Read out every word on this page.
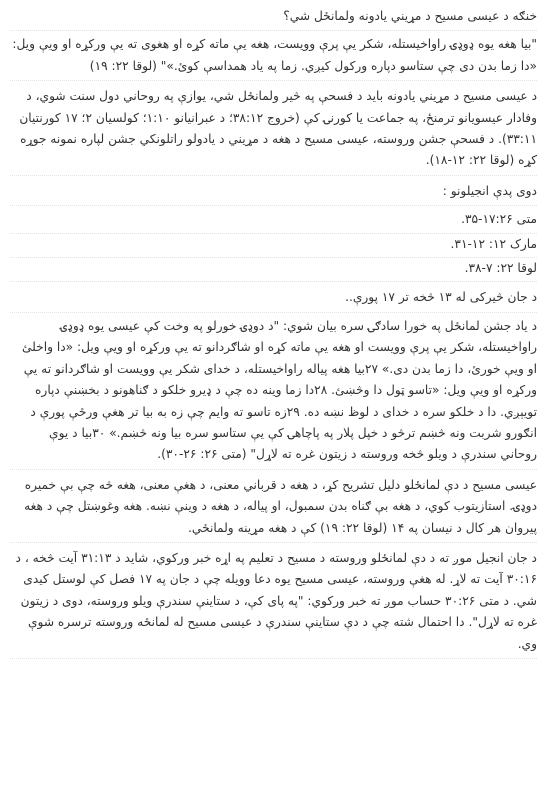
خنګه د عیسی مسیح د مړیني یادونه ولمانځل شي؟

"بیا هغه یوه ډوډۍ راواخیستله، شکر یې پرې وویست، هغه یې ماته کړه او هغوی ته یې ورکړه او ویې ویل: «دا زما بدن دی چې ستاسو دپاره ورکول کیږي. زما په یاد همداسې کوئ.»" (لوقا ۲۲: ۱۹)

د عیسی مسیح د مړیني یادونه باید د فسحې په څیر ولمانځل شي، یوازې په روحاني دول سنت شوي، د وفادار عیسویانو ترمنځ، په جماعت یا کورنۍ کې (خروج ۳۸:۱۲؛ د عبرانیانو ۱:۱۰؛ کولسیان ۲؛ ۱۷ کورنتیان ۳۳:۱۱). د فسحې جشن وروسته، عیسی مسیح د هغه د مړیني د یادولو راتلونکي جشن لپاره نمونه جوړه کړه (لوقا ۲۲: ۱۲-۱۸).

دوی پدې انجیلونو :

متی ۱۷:۲۶-۳۵.

مارک ۱۲: ۱۲-۳۱.

لوقا ۲۲: ۷-۳۸.

د جان څیرکی له ۱۳ څخه تر ۱۷ پورې..

د یاد جشن لمانځل په خورا سادګۍ سره بیان شوي: "د دوډۍ خورلو په وخت کې عیسی یوه ډوډۍ راواخیستله، شکر یې پرې وویست او هغه یې ماته کړه او شاګردانو ته یې ورکړه او ویې ویل: «دا واخلئ او ویې خورئ، دا زما بدن دی.» ۲۷بیا هغه پیاله راواخیستله، د خدای شکر یې وویست او شاګردانو ته یې ورکړه او ویې ویل: «تاسو ټول دا وڅښئ. ۲۸دا زما وینه ده چې د ډیرو خلکو د ګناهونو د بخښنې دپاره تویېږي. دا د خلکو سره د خدای د لوظ نښه ده. ۲۹زه تاسو ته وایم چې زه به بیا تر هغې ورځې پورې د انګورو شربت ونه څښم ترڅو د خپل پلار په پاچاهۍ کې یې ستاسو سره بیا ونه څښم.» ۳۰بیا د یوې روحاني سندرې د ویلو څخه وروسته د زیتون غره ته لاړل" (متی ۲۶: ۲۶-۳۰).

عیسی مسیح د دې لمانځلو دلیل تشریح کړ، د هغه د قرباني معنی، د هغې معنی، هغه څه چې بې خمیره دوډۍ. استازیتوب کوي، د هغه بې ګناه بدن سمبول، او پیاله، د هغه د وینې نښه. هغه وغوښتل چې د هغه پیروان هر کال د نیسان په ۱۴ (لوقا ۲۲: ۱۹) کې د هغه مړینه ولمانځي.

د جان انجیل موږ ته د دې لمانځلو وروسته د مسیح د تعلیم په اړه خبر ورکوي، شاید د ۳۱:۱۳ آیت څخه ، د ۳۰:۱۶ آیت ته لاړ. له هغې وروسته، عیسی مسیح یوه دعا وویله چې د جان په ۱۷ فصل کې لوستل کیدی شي. د متی ۳۰:۲۶ حساب موږ ته خبر ورکوي: "په پای کې، د ستاینې سندرې ویلو وروسته، دوی د زیتون غره ته لاړل". دا احتمال شته چې د دې ستاینې سندرې د عیسی مسیح له لمانځه وروسته ترسره شوې وي.
